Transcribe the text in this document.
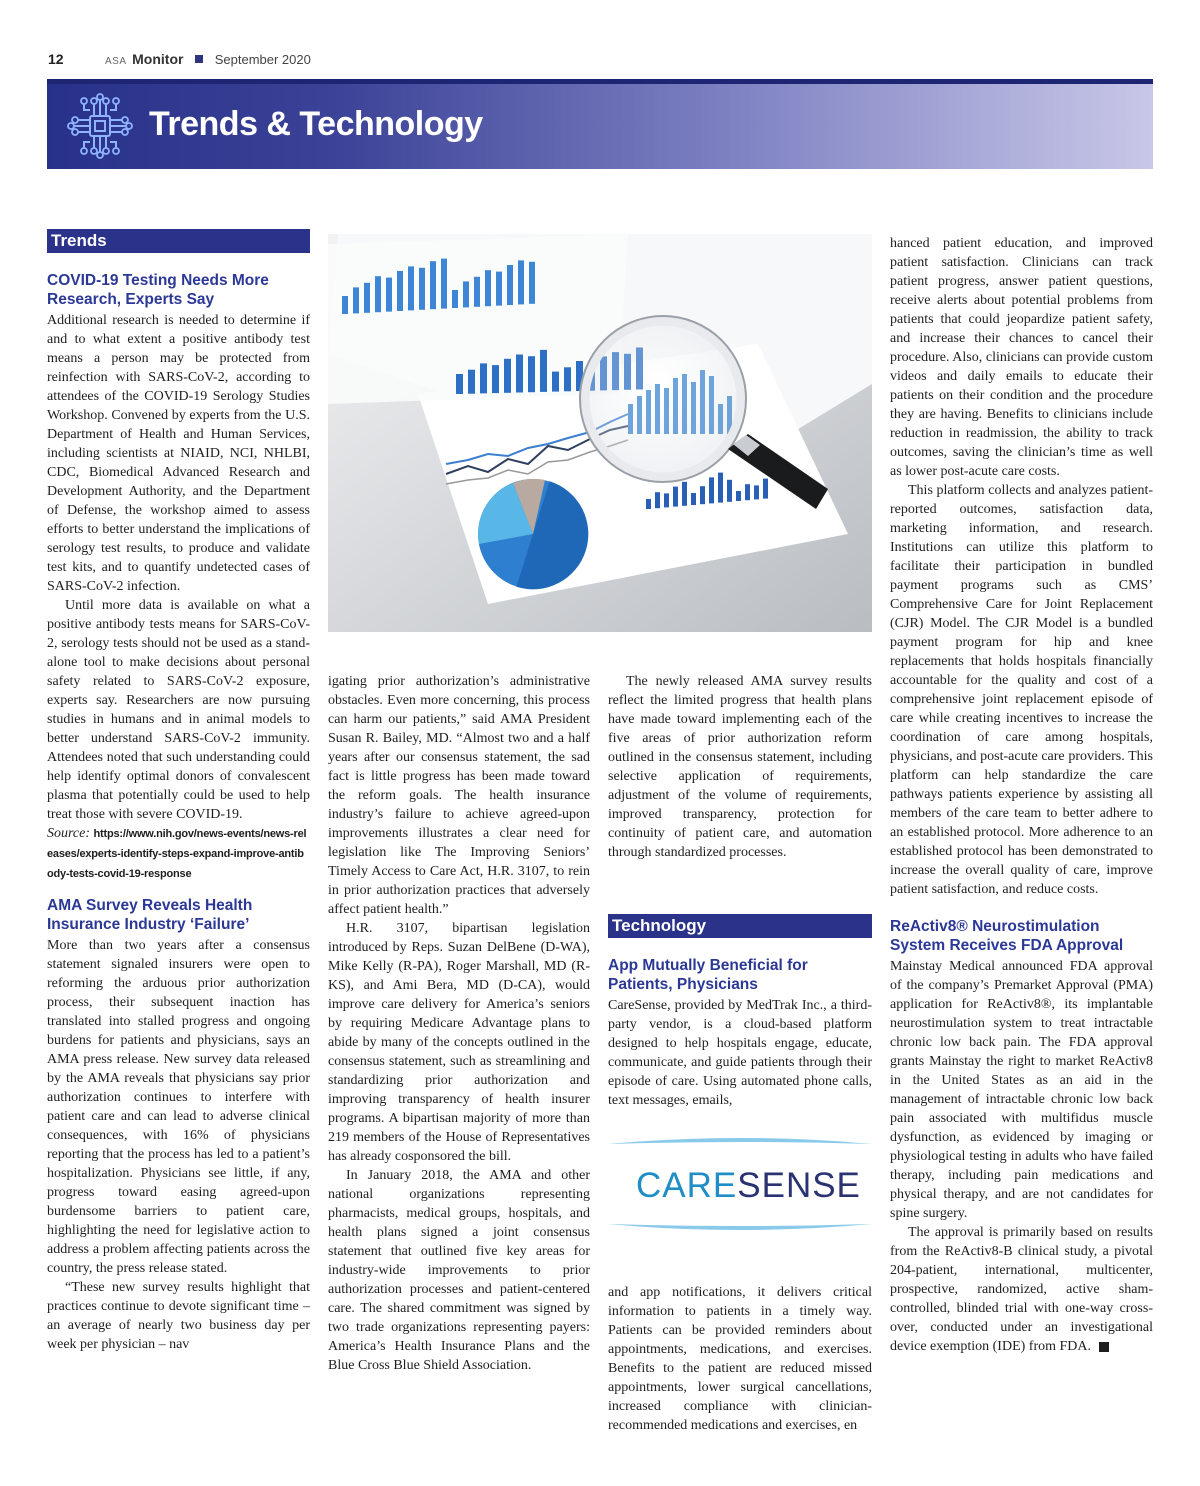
12	ASA Monitor September 2020
Trends & Technology
Trends
COVID-19 Testing Needs More Research, Experts Say

Additional research is needed to determine if and to what extent a positive antibody test means a person may be protected from reinfection with SARS-CoV-2, according to attendees of the COVID-19 Serology Studies Workshop. Convened by experts from the U.S. Department of Health and Human Services, including scientists at NIAID, NCI, NHLBI, CDC, Biomedical Advanced Research and Development Authority, and the Department of Defense, the workshop aimed to assess efforts to better understand the implications of serology test results, to produce and validate test kits, and to quantify undetected cases of SARS-CoV-2 infection.

Until more data is available on what a positive antibody tests means for SARS-CoV-2, serology tests should not be used as a stand-alone tool to make decisions about personal safety related to SARS-CoV-2 exposure, experts say. Researchers are now pursuing studies in humans and in animal models to better understand SARS-CoV-2 immunity. Attendees noted that such understanding could help identify optimal donors of convalescent plasma that potentially could be used to help treat those with severe COVID-19.

Source: https://www.nih.gov/news-events/news-releases/experts-identify-steps-expand-improve-antibody-tests-covid-19-response

AMA Survey Reveals Health Insurance Industry ‘Failure’

More than two years after a consensus statement signaled insurers were open to reforming the arduous prior authorization process, their subsequent inaction has translated into stalled progress and ongoing burdens for patients and physicians, says an AMA press release. New survey data released by the AMA reveals that physicians say prior authorization continues to interfere with patient care and can lead to adverse clinical consequences, with 16% of physicians reporting that the process has led to a patient’s hospitalization. Physicians see little, if any, progress toward easing agreed-upon burdensome barriers to patient care, highlighting the need for legislative action to address a problem affecting patients across the country, the press release stated.

“These new survey results highlight that practices continue to devote significant time – an average of nearly two business day per week per physician – nav

igating prior authorization’s administrative obstacles. Even more concerning, this process can harm our patients,” said AMA President Susan R. Bailey, MD. “Almost two and a half years after our consensus statement, the sad fact is little progress has been made toward the reform goals. The health insurance industry’s failure to achieve agreed-upon improvements illustrates a clear need for legislation like The Improving Seniors’ Timely Access to Care Act, H.R. 3107, to rein in prior authorization practices that adversely affect patient health.”

H.R. 3107, bipartisan legislation introduced by Reps. Suzan DelBene (D-WA), Mike Kelly (R-PA), Roger Marshall, MD (R-KS), and Ami Bera, MD (D-CA), would improve care delivery for America’s seniors by requiring Medicare Advantage plans to abide by many of the concepts outlined in the consensus statement, such as streamlining and standardizing prior authorization and improving transparency of health insurer programs. A bipartisan majority of more than 219 members of the House of Representatives has already cosponsored the bill.

In January 2018, the AMA and other national organizations representing pharmacists, medical groups, hospitals, and health plans signed a joint consensus statement that outlined five key areas for industry-wide improvements to prior authorization processes and patient-centered care. The shared commitment was signed by two trade organizations representing payers: America’s Health Insurance Plans and the Blue Cross Blue Shield Association.

The newly released AMA survey results reflect the limited progress that health plans have made toward implementing each of the five areas of prior authorization reform outlined in the consensus statement, including selective application of requirements, adjustment of the volume of requirements, improved transparency, protection for continuity of patient care, and automation through standardized processes.

Technology
App Mutually Beneficial for Patients, Physicians

CareSense, provided by MedTrak Inc., a third-party vendor, is a cloud-based platform designed to help hospitals engage, educate, communicate, and guide patients through their episode of care. Using automated phone calls, text messages, emails,

CARESENSE

and app notifications, it delivers critical information to patients in a timely way. Patients can be provided reminders about appointments, medications, and exercises. Benefits to the patient are reduced missed appointments, lower surgical cancellations, increased compliance with clinician-recommended medications and exercises, en

hanced patient education, and improved patient satisfaction. Clinicians can track patient progress, answer patient questions, receive alerts about potential problems from patients that could jeopardize patient safety, and increase their chances to cancel their procedure. Also, clinicians can provide custom videos and daily emails to educate their patients on their condition and the procedure they are having. Benefits to clinicians include reduction in readmission, the ability to track outcomes, saving the clinician’s time as well as lower post-acute care costs.

This platform collects and analyzes patient-reported outcomes, satisfaction data, marketing information, and research. Institutions can utilize this platform to facilitate their participation in bundled payment programs such as CMS’ Comprehensive Care for Joint Replacement (CJR) Model. The CJR Model is a bundled payment program for hip and knee replacements that holds hospitals financially accountable for the quality and cost of a comprehensive joint replacement episode of care while creating incentives to increase the coordination of care among hospitals, physicians, and post-acute care providers. This platform can help standardize the care pathways patients experience by assisting all members of the care team to better adhere to an established protocol. More adherence to an established protocol has been demonstrated to increase the overall quality of care, improve patient satisfaction, and reduce costs.

ReActiv8® Neurostimulation System Receives FDA Approval

Mainstay Medical announced FDA approval of the company’s Premarket Approval (PMA) application for ReActiv8®, its implantable neurostimulation system to treat intractable chronic low back pain. The FDA approval grants Mainstay the right to market ReActiv8 in the United States as an aid in the management of intractable chronic low back pain associated with multifidus muscle dysfunction, as evidenced by imaging or physiological testing in adults who have failed therapy, including pain medications and physical therapy, and are not candidates for spine surgery.

The approval is primarily based on results from the ReActiv8-B clinical study, a pivotal 204-patient, international, multicenter, prospective, randomized, active sham-controlled, blinded trial with one-way cross-over, conducted under an investigational device exemption (IDE) from FDA.
